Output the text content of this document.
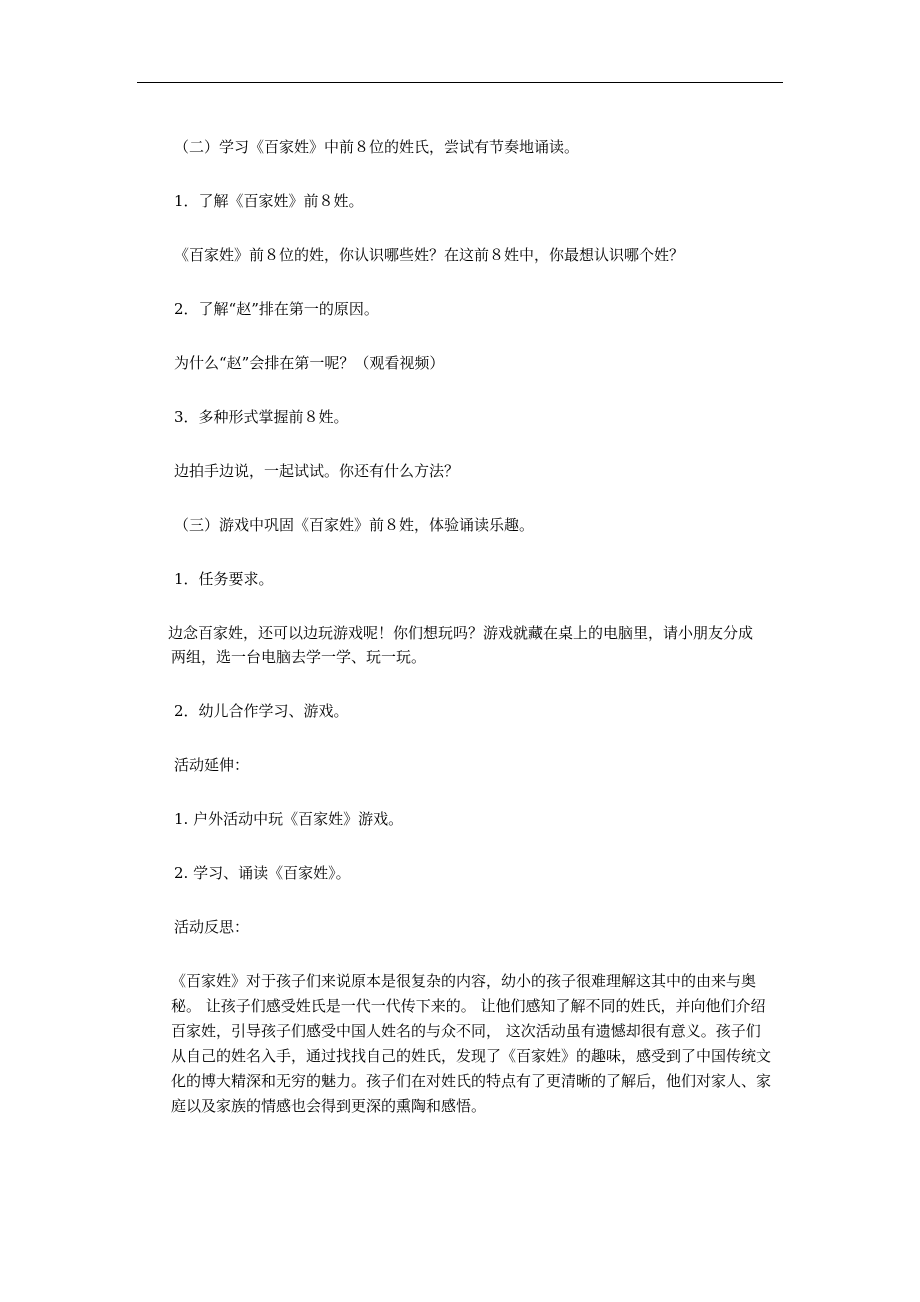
（二）学习《百家姓》中前８位的姓氏，尝试有节奏地诵读。

1．了解《百家姓》前８姓。

《百家姓》前８位的姓，你认识哪些姓？在这前８姓中，你最想认识哪个姓？

2．了解“赵”排在第一的原因。

为什么“赵”会排在第一呢？（观看视频）

3．多种形式掌握前８姓。

边拍手边说，一起试试。你还有什么方法？

（三）游戏中巩固《百家姓》前８姓，体验诵读乐趣。

1．任务要求。

边念百家姓，还可以边玩游戏呢！你们想玩吗？游戏就藏在桌上的电脑里，请小朋友分成两组，选一台电脑去学一学、玩一玩。

2．幼儿合作学习、游戏。

活动延伸：

1. 户外活动中玩《百家姓》游戏。

2. 学习、诵读《百家姓》。

活动反思：

《百家姓》对于孩子们来说原本是很复杂的内容，幼小的孩子很难理解这其中的由来与奥秘。 让孩子们感受姓氏是一代一代传下来的。 让他们感知了解不同的姓氏，并向他们介绍百家姓，引导孩子们感受中国人姓名的与众不同， 这次活动虽有遗憾却很有意义。孩子们从自己的姓名入手，通过找找自己的姓氏，发现了《百家姓》的趣味，感受到了中国传统文化的博大精深和无穷的魅力。孩子们在对姓氏的特点有了更清晰的了解后，他们对家人、家庭以及家族的情感也会得到更深的熏陶和感悟。
